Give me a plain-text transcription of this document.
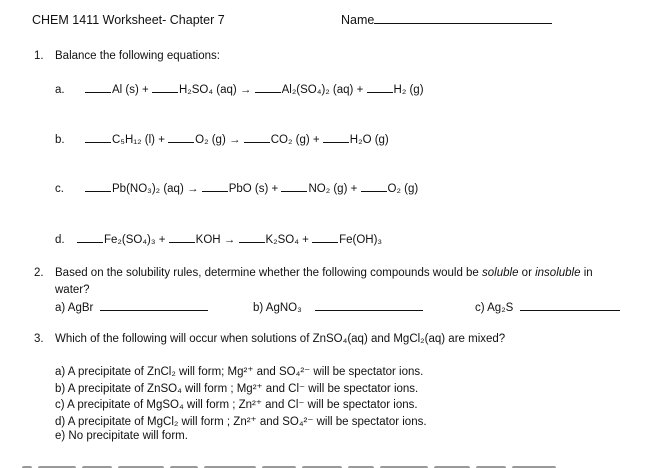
CHEM 1411 Worksheet- Chapter 7	Name
1. Balance the following equations:
a.	Al (s) +	H₂SO₄ (aq) →	Al₂(SO₄)₂ (aq) +	H₂ (g)
b.	C₅H₁₂ (l) +	O₂ (g) →	CO₂ (g) +	H₂O (g)
c.	Pb(NO₃)₂ (aq) →	PbO (s) +	NO₂ (g) +	O₂ (g)
d.	Fe₂(SO₄)₃ +	KOH →	K₂SO₄ +	Fe(OH)₃
2. Based on the solubility rules, determine whether the following compounds would be soluble or insoluble in
water?
a) AgBr	b) AgNO₃	c) Ag₂S
3. Which of the following will occur when solutions of ZnSO₄(aq) and MgCl₂(aq) are mixed?
a) A precipitate of ZnCl₂ will form; Mg²⁺ and SO₄²⁻ will be spectator ions.
b) A precipitate of ZnSO₄ will form ; Mg²⁺ and Cl⁻ will be spectator ions.
c) A precipitate of MgSO₄ will form ; Zn²⁺ and Cl⁻ will be spectator ions.
d) A precipitate of MgCl₂ will form ; Zn²⁺ and SO₄²⁻ will be spectator ions.
e) No precipitate will form.
